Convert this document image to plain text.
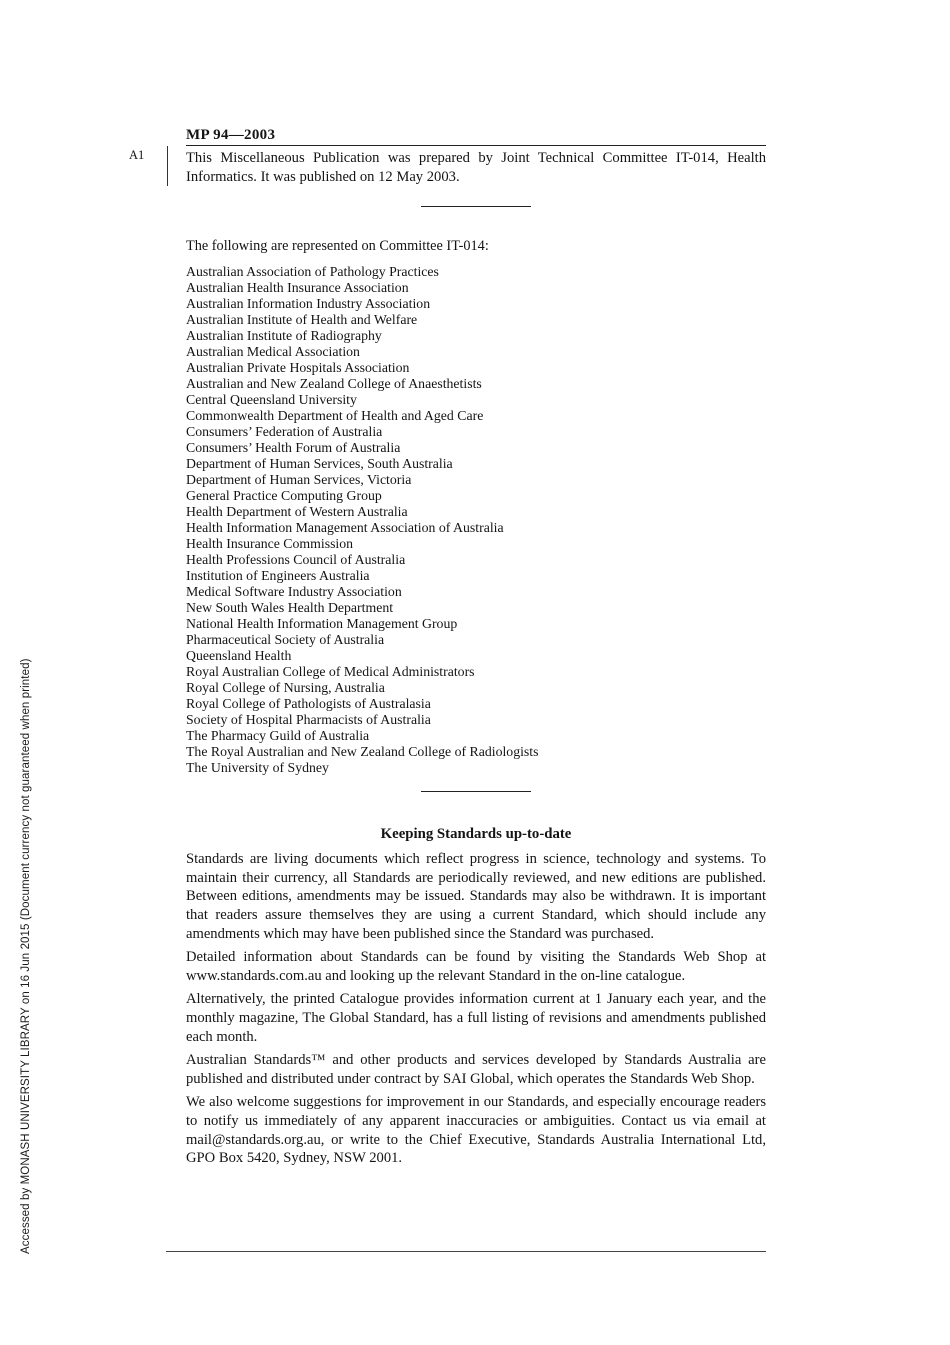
Accessed by MONASH UNIVERSITY LIBRARY on 16 Jun 2015 (Document currency not guaranteed when printed)
A1
MP 94—2003
This Miscellaneous Publication was prepared by Joint Technical Committee IT-014, Health Informatics. It was published on 12 May 2003.
The following are represented on Committee IT-014:
Australian Association of Pathology Practices
Australian Health Insurance Association
Australian Information Industry Association
Australian Institute of Health and Welfare
Australian Institute of Radiography
Australian Medical Association
Australian Private Hospitals Association
Australian and New Zealand College of Anaesthetists
Central Queensland University
Commonwealth Department of Health and Aged Care
Consumers’ Federation of Australia
Consumers’ Health Forum of Australia
Department of Human Services, South Australia
Department of Human Services, Victoria
General Practice Computing Group
Health Department of Western Australia
Health Information Management Association of Australia
Health Insurance Commission
Health Professions Council of Australia
Institution of Engineers Australia
Medical Software Industry Association
New South Wales Health Department
National Health Information Management Group
Pharmaceutical Society of Australia
Queensland Health
Royal Australian College of Medical Administrators
Royal College of Nursing, Australia
Royal College of Pathologists of Australasia
Society of Hospital Pharmacists of Australia
The Pharmacy Guild of Australia
The Royal Australian and New Zealand College of Radiologists
The University of Sydney
Keeping Standards up-to-date

Standards are living documents which reflect progress in science, technology and systems. To maintain their currency, all Standards are periodically reviewed, and new editions are published. Between editions, amendments may be issued. Standards may also be withdrawn. It is important that readers assure themselves they are using a current Standard, which should include any amendments which may have been published since the Standard was purchased.

Detailed information about Standards can be found by visiting the Standards Web Shop at www.standards.com.au and looking up the relevant Standard in the on-line catalogue.

Alternatively, the printed Catalogue provides information current at 1 January each year, and the monthly magazine, The Global Standard, has a full listing of revisions and amendments published each month.

Australian Standards™ and other products and services developed by Standards Australia are published and distributed under contract by SAI Global, which operates the Standards Web Shop.

We also welcome suggestions for improvement in our Standards, and especially encourage readers to notify us immediately of any apparent inaccuracies or ambiguities. Contact us via email at mail@standards.org.au, or write to the Chief Executive, Standards Australia International Ltd, GPO Box 5420, Sydney, NSW 2001.
